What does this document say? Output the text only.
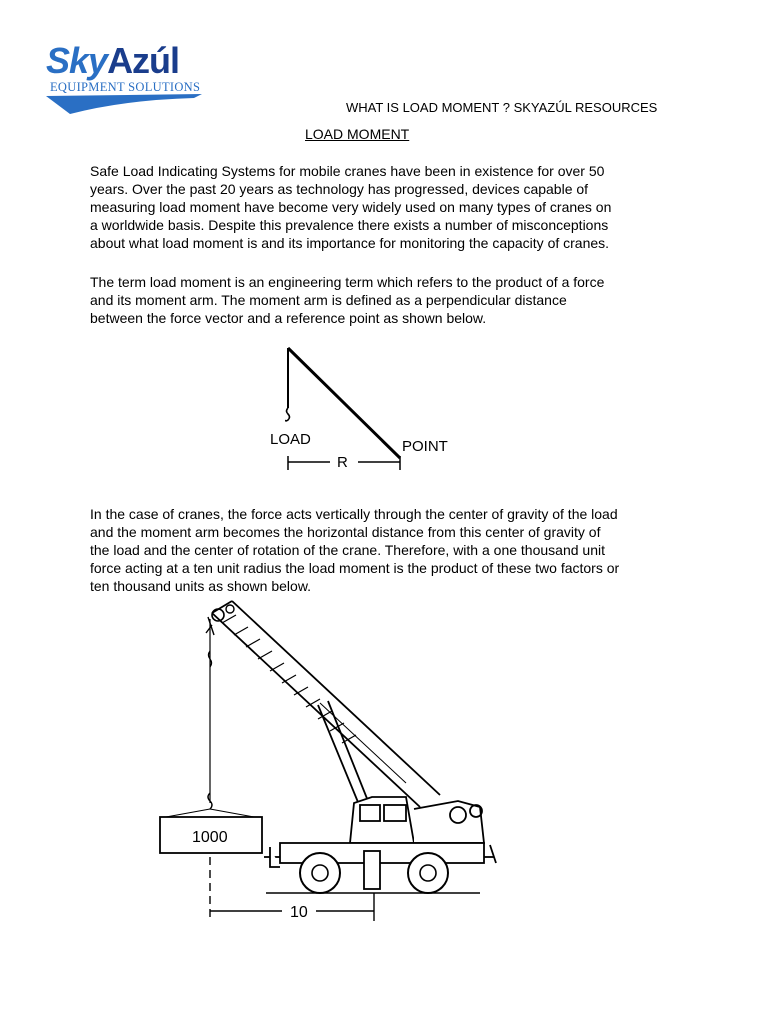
SkyAzúl
EQUIPMENT SOLUTIONS
WHAT IS LOAD MOMENT ? SKYAZÚL RESOURCES
LOAD MOMENT

Safe Load Indicating Systems for mobile cranes have been in existence for over 50 years. Over the past 20 years as technology has progressed, devices capable of measuring load moment have become very widely used on many types of cranes on a worldwide basis. Despite this prevalence there exists a number of misconceptions about what load moment is and its importance for monitoring the capacity of cranes.

The term load moment is an engineering term which refers to the product of a force and its moment arm. The moment arm is defined as a perpendicular distance between the force vector and a reference point as shown below.

LOAD	POINT
R

In the case of cranes, the force acts vertically through the center of gravity of the load and the moment arm becomes the horizontal distance from this center of gravity of the load and the center of rotation of the crane. Therefore, with a one thousand unit force acting at a ten unit radius the load moment is the product of these two factors or ten thousand units as shown below.

1000
10
